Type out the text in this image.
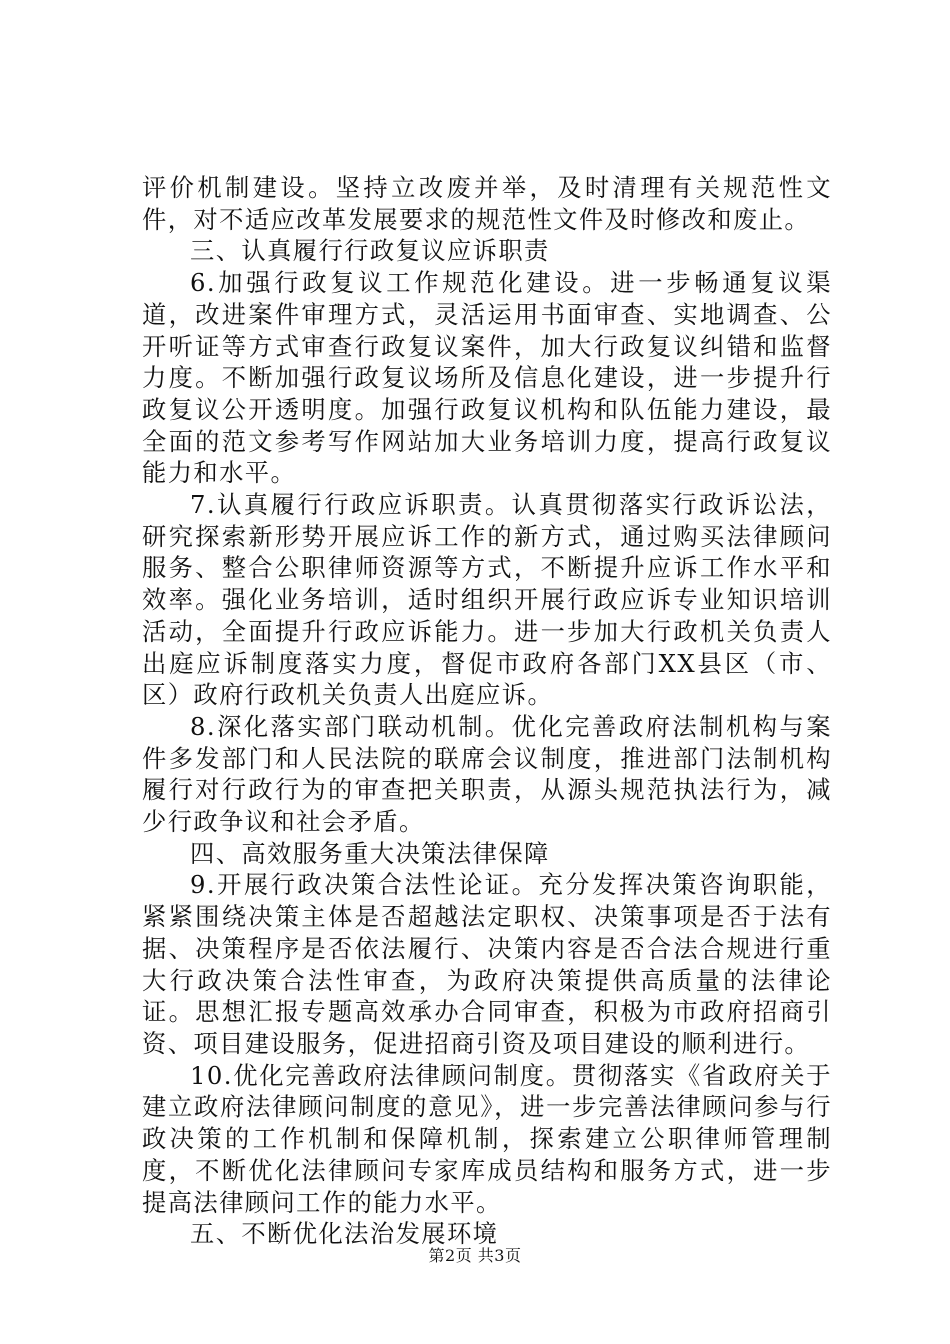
评价机制建设。坚持立改废并举，及时清理有关规范性文件，对不适应改革发展要求的规范性文件及时修改和废止。

三、认真履行行政复议应诉职责

6.加强行政复议工作规范化建设。进一步畅通复议渠道，改进案件审理方式，灵活运用书面审查、实地调查、公开听证等方式审查行政复议案件，加大行政复议纠错和监督力度。不断加强行政复议场所及信息化建设，进一步提升行政复议公开透明度。加强行政复议机构和队伍能力建设，最全面的范文参考写作网站加大业务培训力度，提高行政复议能力和水平。

7.认真履行行政应诉职责。认真贯彻落实行政诉讼法，研究探索新形势开展应诉工作的新方式，通过购买法律顾问服务、整合公职律师资源等方式，不断提升应诉工作水平和效率。强化业务培训，适时组织开展行政应诉专业知识培训活动，全面提升行政应诉能力。进一步加大行政机关负责人出庭应诉制度落实力度，督促市政府各部门XX县区（市、区）政府行政机关负责人出庭应诉。

8.深化落实部门联动机制。优化完善政府法制机构与案件多发部门和人民法院的联席会议制度，推进部门法制机构履行对行政行为的审查把关职责，从源头规范执法行为，减少行政争议和社会矛盾。

四、高效服务重大决策法律保障

9.开展行政决策合法性论证。充分发挥决策咨询职能，紧紧围绕决策主体是否超越法定职权、决策事项是否于法有据、决策程序是否依法履行、决策内容是否合法合规进行重大行政决策合法性审查，为政府决策提供高质量的法律论证。思想汇报专题高效承办合同审查，积极为市政府招商引资、项目建设服务，促进招商引资及项目建设的顺利进行。

10.优化完善政府法律顾问制度。贯彻落实《省政府关于建立政府法律顾问制度的意见》，进一步完善法律顾问参与行政决策的工作机制和保障机制，探索建立公职律师管理制度，不断优化法律顾问专家库成员结构和服务方式，进一步提高法律顾问工作的能力水平。

五、不断优化法治发展环境

第2页 共3页
